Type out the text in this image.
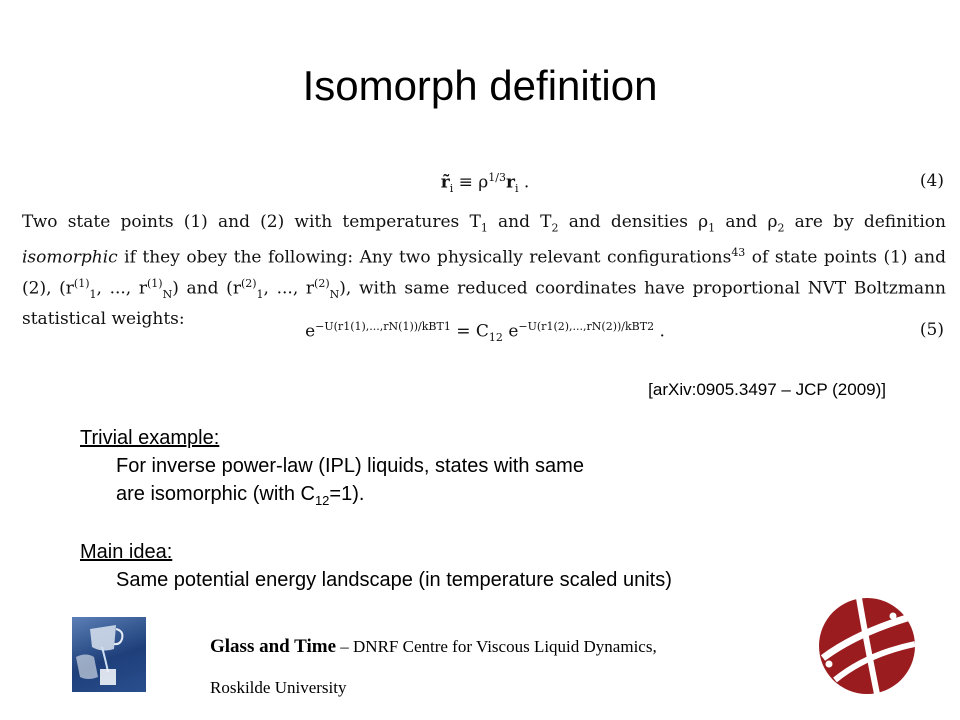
Isomorph definition
$r̃_i \equiv \rho^{1/3}r_i$ .	(4)
Two state points (1) and (2) with temperatures $T_1$ and $T_2$ and densities $\rho_1$ and $\rho_2$ are by definition isomorphic if they obey the following: Any two physically relevant configurations$^{43}$ of state points (1) and (2), ($r^{(1)}_1$, ..., $r^{(1)}_N$) and ($r^{(2)}_1$, ..., $r^{(2)}_N$), with same reduced coordinates have proportional NVT Boltzmann statistical weights:
$e^{-U(r1(1),...,rN(1))/kBT1} = C_{12}$ $e^{-U(r1(2),...,rN(2))/kBT2}$ .	(5)
[arXiv:0905.3497 – JCP (2009)]
Trivial example:
For inverse power-law (IPL) liquids, states with same
are isomorphic (with $C_{12}=1$).
Main idea:
Same potential energy landscape (in temperature scaled units)
Glass and Time – DNRF Centre for Viscous Liquid Dynamics,
Roskilde University
